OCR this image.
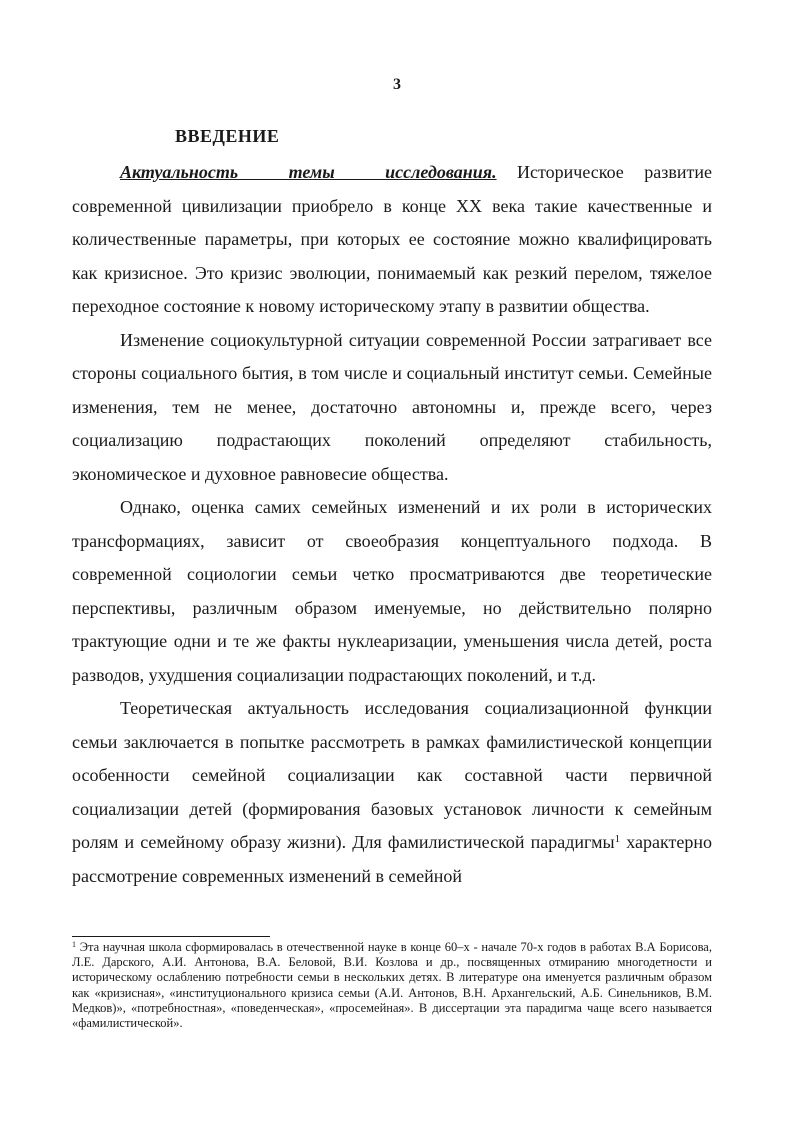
3
ВВЕДЕНИЕ

Актуальность темы исследования. Историческое развитие современной цивилизации приобрело в конце XX века такие качественные и количественные параметры, при которых ее состояние можно квалифицировать как кризисное. Это кризис эволюции, понимаемый как резкий перелом, тяжелое переходное состояние к новому историческому этапу в развитии общества.

Изменение социокультурной ситуации современной России затрагивает все стороны социального бытия, в том числе и социальный институт семьи. Семейные изменения, тем не менее, достаточно автономны и, прежде всего, через социализацию подрастающих поколений определяют стабильность, экономическое и духовное равновесие общества.

Однако, оценка самих семейных изменений и их роли в исторических трансформациях, зависит от своеобразия концептуального подхода. В современной социологии семьи четко просматриваются две теоретические перспективы, различным образом именуемые, но действительно полярно трактующие одни и те же факты нуклеаризации, уменьшения числа детей, роста разводов, ухудшения социализации подрастающих поколений, и т.д.

Теоретическая актуальность исследования социализационной функции семьи заключается в попытке рассмотреть в рамках фамилистической концепции особенности семейной социализации как составной части первичной социализации детей (формирования базовых установок личности к семейным ролям и семейному образу жизни). Для фамилистической парадигмы$^1$ характерно рассмотрение современных изменений в семейной

$^1$ Эта научная школа сформировалась в отечественной науке в конце 60–х - начале 70-х годов в работах В.А Борисова, Л.Е. Дарского, А.И. Антонова, В.А. Беловой, В.И. Козлова и др., посвященных отмиранию многодетности и историческому ослаблению потребности семьи в нескольких детях. В литературе она именуется различным образом как «кризисная», «институционального кризиса семьи (А.И. Антонов, В.Н. Архангельский, А.Б. Синельников, В.М. Медков)», «потребностная», «поведенческая», «просемейная». В диссертации эта парадигма чаще всего называется «фамилистической».
